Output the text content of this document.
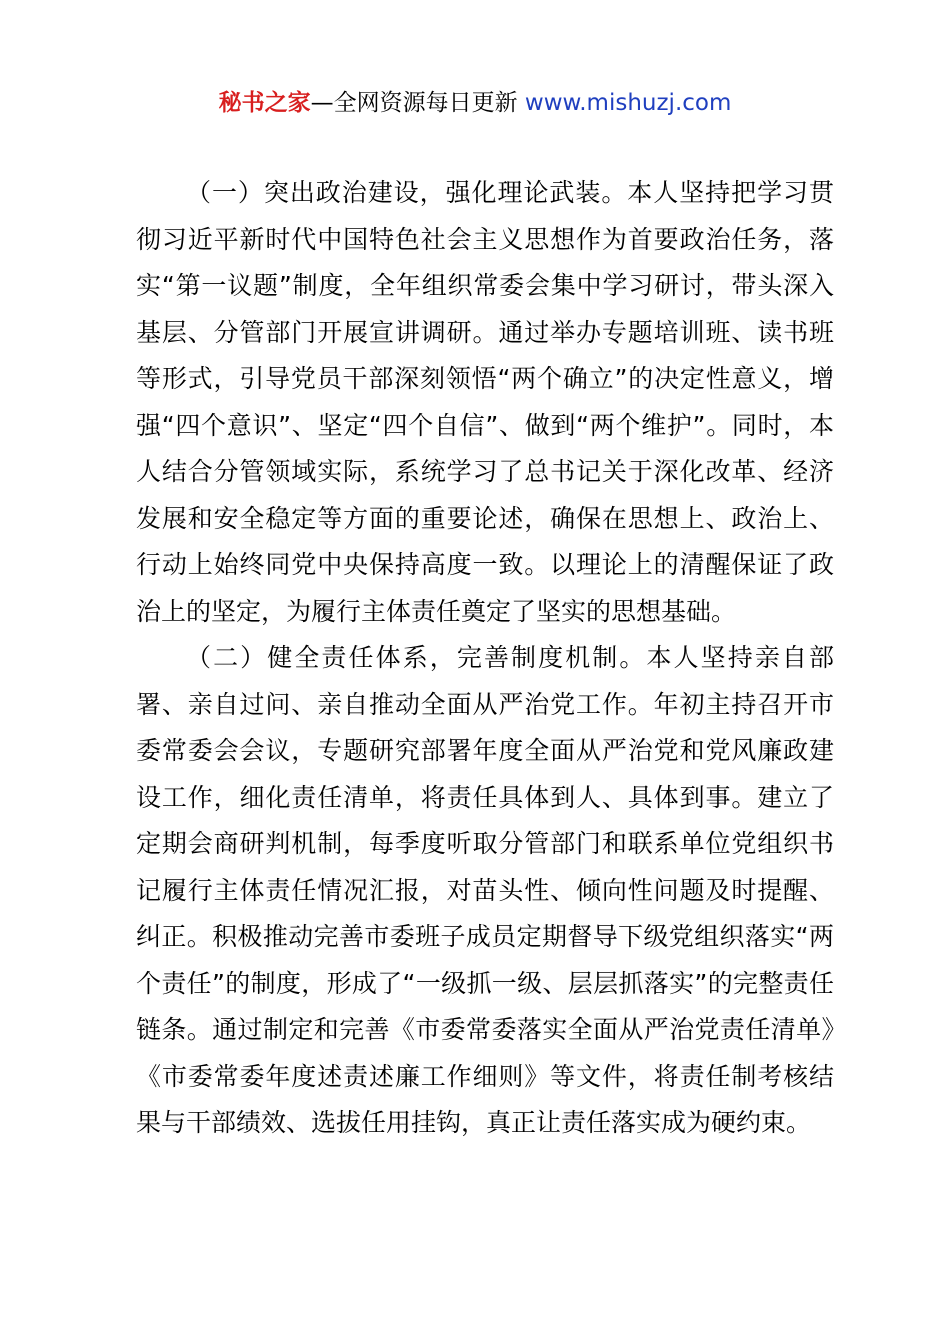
秘书之家—全网资源每日更新 www.mishuzj.com

（一）突出政治建设，强化理论武装。本人坚持把学习贯彻习近平新时代中国特色社会主义思想作为首要政治任务，落实“第一议题”制度，全年组织常委会集中学习研讨，带头深入基层、分管部门开展宣讲调研。通过举办专题培训班、读书班等形式，引导党员干部深刻领悟“两个确立”的决定性意义，增强“四个意识”、坚定“四个自信”、做到“两个维护”。同时，本人结合分管领域实际，系统学习了总书记关于深化改革、经济发展和安全稳定等方面的重要论述，确保在思想上、政治上、行动上始终同党中央保持高度一致。以理论上的清醒保证了政治上的坚定，为履行主体责任奠定了坚实的思想基础。

（二）健全责任体系，完善制度机制。本人坚持亲自部署、亲自过问、亲自推动全面从严治党工作。年初主持召开市委常委会会议，专题研究部署年度全面从严治党和党风廉政建设工作，细化责任清单，将责任具体到人、具体到事。建立了定期会商研判机制，每季度听取分管部门和联系单位党组织书记履行主体责任情况汇报，对苗头性、倾向性问题及时提醒、纠正。积极推动完善市委班子成员定期督导下级党组织落实“两个责任”的制度，形成了“一级抓一级、层层抓落实”的完整责任链条。通过制定和完善《市委常委落实全面从严治党责任清单》《市委常委年度述责述廉工作细则》等文件，将责任制考核结果与干部绩效、选拔任用挂钩，真正让责任落实成为硬约束。
